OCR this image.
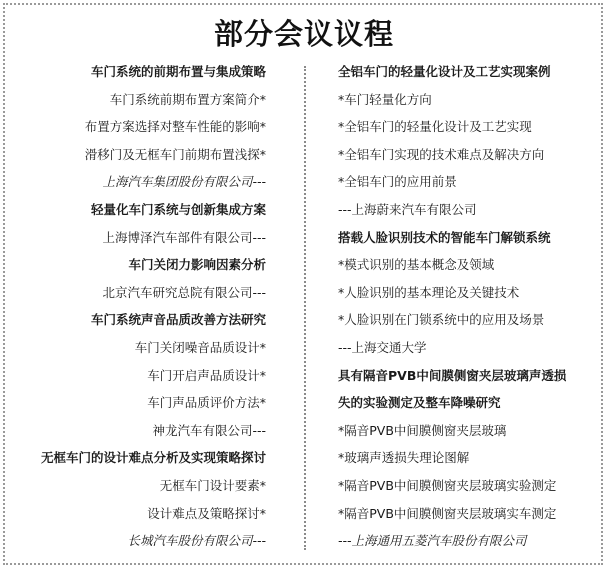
部分会议议程
车门系统的前期布置与集成策略
车门系统前期布置方案简介*
布置方案选择对整车性能的影响*
滑移门及无框车门前期布置浅探*
上海汽车集团股份有限公司---
轻量化车门系统与创新集成方案
上海博泽汽车部件有限公司---
车门关闭力影响因素分析
北京汽车研究总院有限公司---
车门系统声音品质改善方法研究
车门关闭噪音品质设计*
车门开启声品质设计*
车门声品质评价方法*
神龙汽车有限公司---
无框车门的设计难点分析及实现策略探讨
无框车门设计要素*
设计难点及策略探讨*
长城汽车股份有限公司---
全铝车门的轻量化设计及工艺实现案例
*车门轻量化方向
*全铝车门的轻量化设计及工艺实现
*全铝车门实现的技术难点及解决方向
*全铝车门的应用前景
---上海蔚来汽车有限公司
搭载人脸识别技术的智能车门解锁系统
*模式识别的基本概念及领域
*人脸识别的基本理论及关键技术
*人脸识别在门锁系统中的应用及场景
---上海交通大学
具有隔音PVB中间膜侧窗夹层玻璃声透损
失的实验测定及整车降噪研究
*隔音PVB中间膜侧窗夹层玻璃
*玻璃声透损失理论图解
*隔音PVB中间膜侧窗夹层玻璃实验测定
*隔音PVB中间膜侧窗夹层玻璃实车测定
---上海通用五菱汽车股份有限公司
